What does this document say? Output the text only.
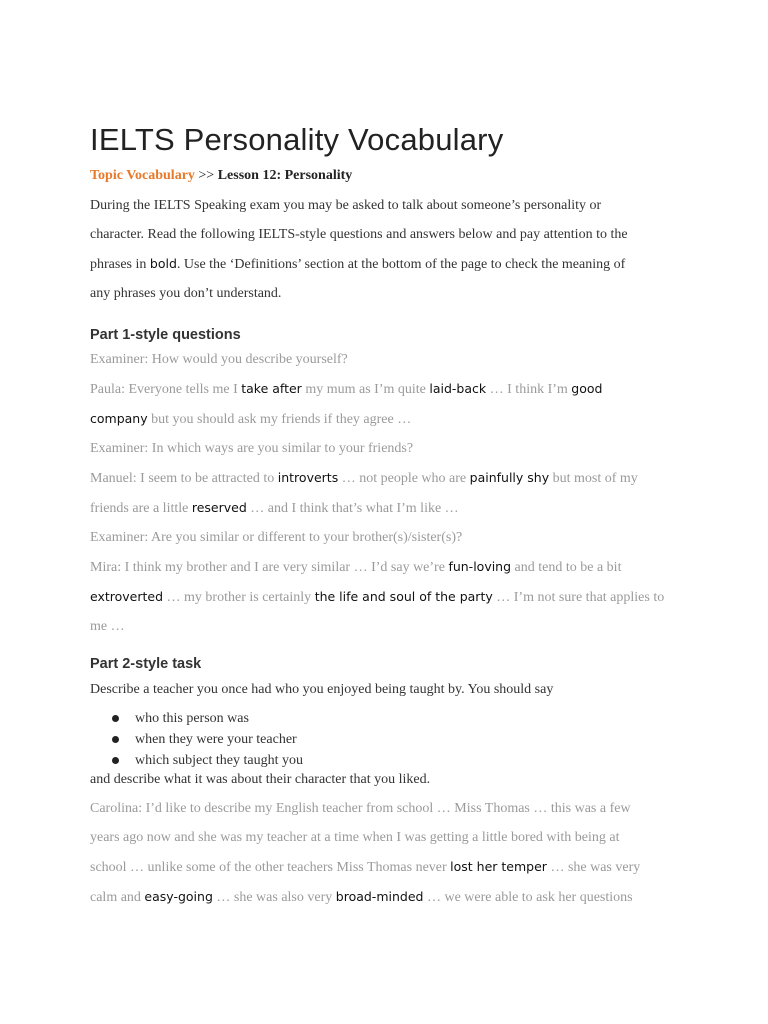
IELTS Personality Vocabulary
Topic Vocabulary >> Lesson 12: Personality

During the IELTS Speaking exam you may be asked to talk about someone’s personality or
character. Read the following IELTS-style questions and answers below and pay attention to the
phrases in bold. Use the ‘Definitions’ section at the bottom of the page to check the meaning of
any phrases you don’t understand.

Part 1-style questions

Examiner: How would you describe yourself?
Paula: Everyone tells me I take after my mum as I’m quite laid-back … I think I’m good
company but you should ask my friends if they agree …
Examiner: In which ways are you similar to your friends?
Manuel: I seem to be attracted to introverts … not people who are painfully shy but most of my
friends are a little reserved … and I think that’s what I’m like …
Examiner: Are you similar or different to your brother(s)/sister(s)?
Mira: I think my brother and I are very similar … I’d say we’re fun-loving and tend to be a bit
extroverted … my brother is certainly the life and soul of the party … I’m not sure that applies to
me …

Part 2-style task

Describe a teacher you once had who you enjoyed being taught by. You should say

who this person was
when they were your teacher
which subject they taught you

and describe what it was about their character that you liked.

Carolina: I’d like to describe my English teacher from school … Miss Thomas … this was a few
years ago now and she was my teacher at a time when I was getting a little bored with being at
school … unlike some of the other teachers Miss Thomas never lost her temper … she was very
calm and easy-going … she was also very broad-minded … we were able to ask her questions
